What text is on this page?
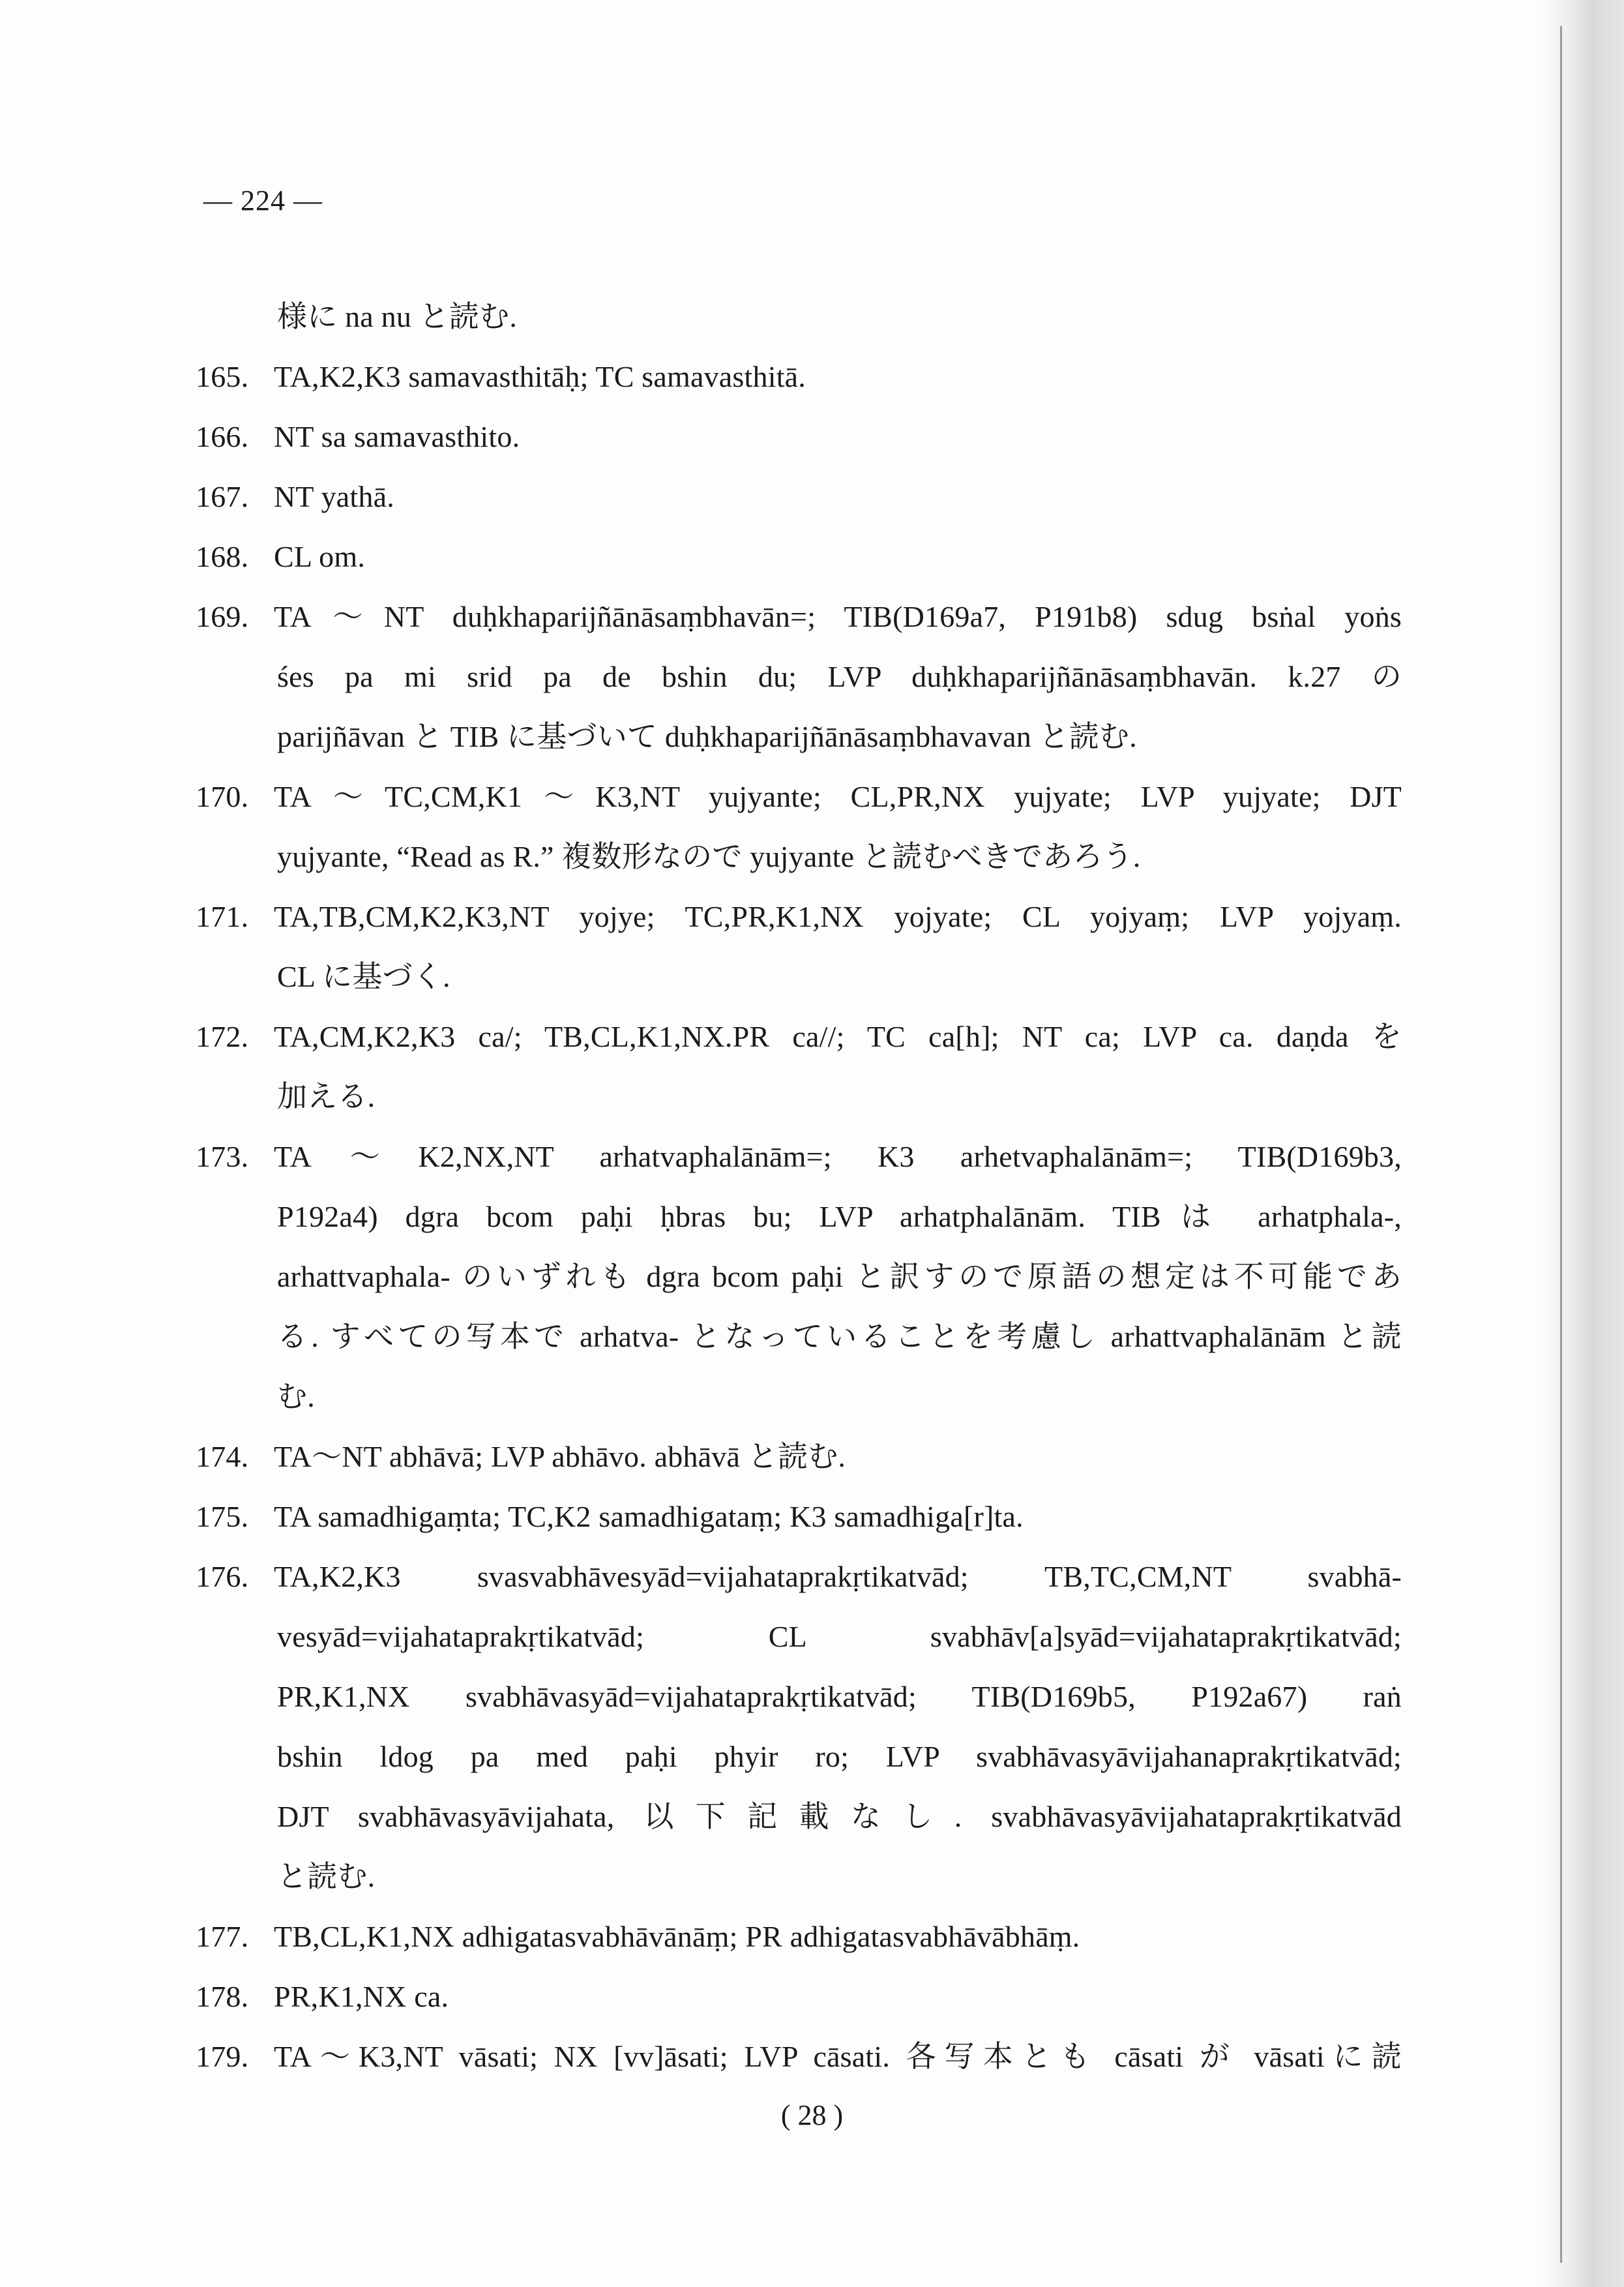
— 224 —
様に na nu と読む.
165. TA,K2,K3 samavasthitāḥ; TC samavasthitā.
166. NT sa samavasthito.
167. NT yathā.
168. CL om.
169. TA〜NT duḥkhaparijñānāsaṃbhavān=; TIB(D169a7, P191b8) sdug bsṅal yoṅs
śes pa mi srid pa de bshin du; LVP duḥkhaparijñānāsaṃbhavān. k.27 の
parijñāvan と TIB に基づいて duḥkhaparijñānāsaṃbhavavan と読む.
170. TA〜TC,CM,K1〜K3,NT yujyante; CL,PR,NX yujyate; LVP yujyate; DJT
yujyante, “Read as R.” 複数形なので yujyante と読むべきであろう.
171. TA,TB,CM,K2,K3,NT yojye; TC,PR,K1,NX yojyate; CL yojyaṃ; LVP yojyaṃ.
CL に基づく.
172. TA,CM,K2,K3 ca/; TB,CL,K1,NX.PR ca//; TC ca[h]; NT ca; LVP ca. daṇda を
加える.
173. TA〜K2,NX,NT arhatvaphalānām=; K3 arhetvaphalānām=; TIB(D169b3,
P192a4) dgra bcom paḥi ḥbras bu; LVP arhatphalānām. TIBは arhatphala-,
arhattvaphala- のいずれも dgra bcom paḥi と訳すので原語の想定は不可能であ
る. すべての写本で arhatva- となっていることを考慮し arhattvaphalānām と読
む.
174. TA〜NT abhāvā; LVP abhāvo. abhāvā と読む.
175. TA samadhigaṃta; TC,K2 samadhigataṃ; K3 samadhiga[r]ta.
176. TA,K2,K3 svasvabhāvesyād=vijahataprakṛtikatvād; TB,TC,CM,NT svabhā-
vesyād=vijahataprakṛtikatvād; CL svabhāv[a]syād=vijahataprakṛtikatvād;
PR,K1,NX svabhāvasyād=vijahataprakṛtikatvād; TIB(D169b5, P192a67) raṅ
bshin ldog pa med paḥi phyir ro; LVP svabhāvasyāvijahanaprakṛtikatvād;
DJT svabhāvasyāvijahata, 以下記載なし. svabhāvasyāvijahataprakṛtikatvād
と読む.
177. TB,CL,K1,NX adhigatasvabhāvānāṃ; PR adhigatasvabhāvābhāṃ.
178. PR,K1,NX ca.
179. TA〜K3,NT vāsati; NX [vv]āsati; LVP cāsati. 各写本とも cāsati が vāsatiに読
( 28 )
